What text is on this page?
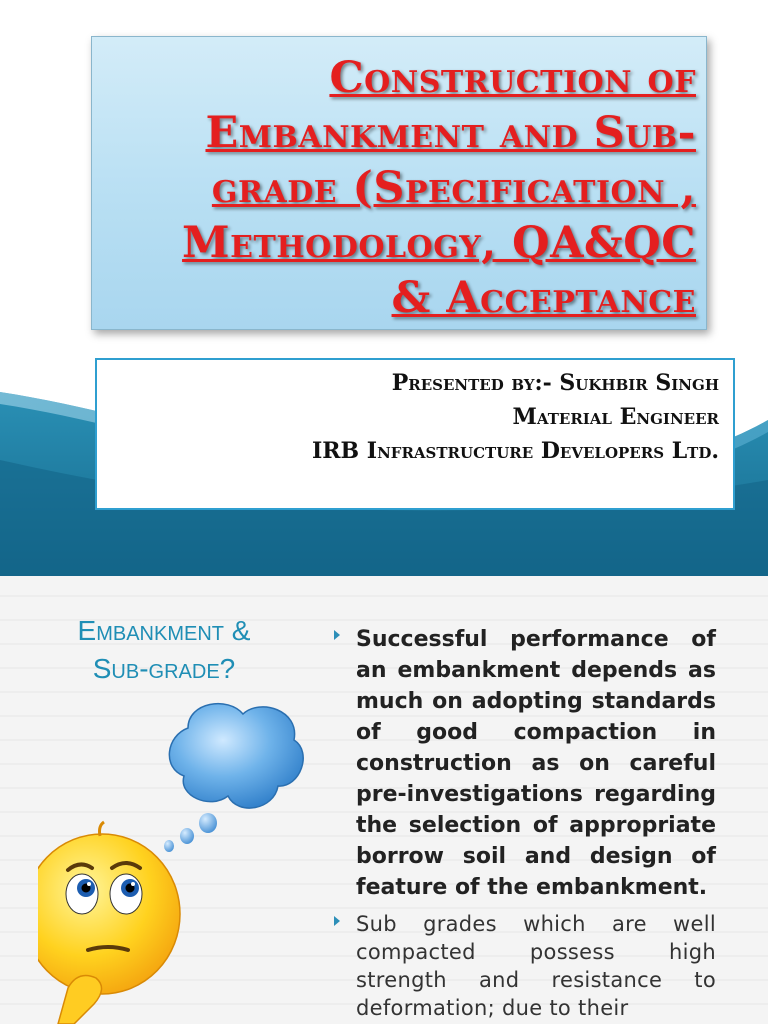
Construction of
Embankment and Sub-
grade (Specification ,
Methodology, QA&QC
& Acceptance
Presented by:- Sukhbir Singh
Material Engineer
IRB Infrastructure Developers Ltd.
Embankment &
Sub-grade?
Successful performance of an embankment depends as much on adopting standards of good compaction in construction as on careful pre-investigations regarding the selection of appropriate borrow soil and design of feature of the embankment.
Sub grades which are well compacted possess high strength and resistance to deformation; due to their
